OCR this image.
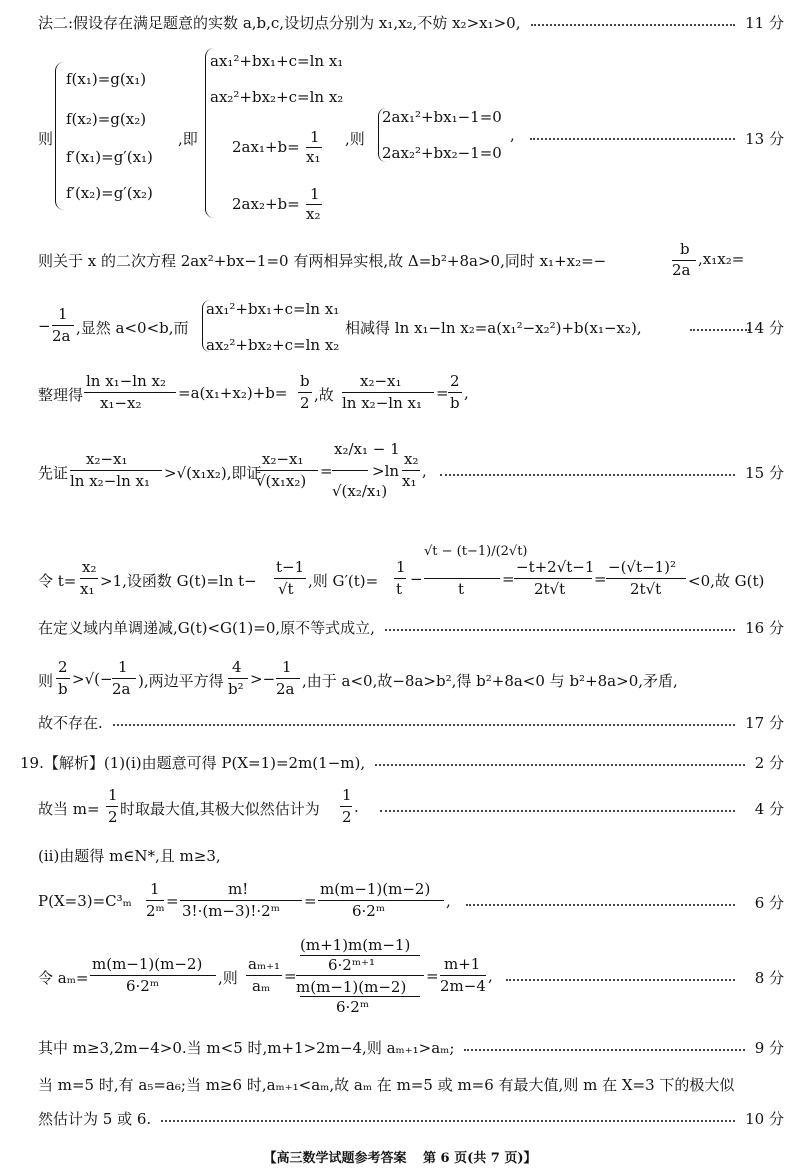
法二:假设存在满足题意的实数 a,b,c,设切点分别为 x₁,x₂,不妨 x₂>x₁>0,	11 分
则
f(x₁)=g(x₁)
f(x₂)=g(x₂)
f′(x₁)=g′(x₁)
f′(x₂)=g′(x₂)
,即
ax₁²+bx₁+c=ln x₁
ax₂²+bx₂+c=ln x₂
2ax₁+b=
1
x₁
2ax₂+b=
1
x₂
,则
2ax₁²+bx₁−1=0
2ax₂²+bx₂−1=0
,	13 分
则关于 x 的二次方程 2ax²+bx−1=0 有两相异实根,故 Δ=b²+8a>0,同时 x₁+x₂=−
b
2a
,x₁x₂=
−
1
2a ,显然 a<0<b,而
ax₁²+bx₁+c=ln x₁
ax₂²+bx₂+c=ln x₂
相减得 ln x₁−ln x₂=a(x₁²−x₂²)+b(x₁−x₂),	14 分
整理得
ln x₁−ln x₂
x₁−x₂
=a(x₁+x₂)+b=
b
2 ,故
x₂−x₁
ln x₂−ln x₁
=
2
b
,
先证
x₂−x₁
ln x₂−ln x₁ >√(x₁x₂),即证
x₂−x₁
√(x₁x₂)
=
x₂/x₁ − 1
√(x₂/x₁)
>ln
x₂
x₁
,	15 分
令 t=
x₂
x₁ >1,设函数 G(t)=ln t−
t−1
√t ,则 G′(t)=
1
t
−
√t − (t−1)/(2√t)
t
=
−t+2√t−1
2t√t
=
−(√t−1)²
2t√t <0,故 G(t)
在定义域内单调递减,G(t)<G(1)=0,原不等式成立,	16 分
则
2
b
>√(−
1
2a ),两边平方得
4
b²
>−
1
2a ,由于 a<0,故−8a>b²,得 b²+8a<0 与 b²+8a>0,矛盾,
故不存在.	17 分
19.【解析】(1)(i)由题意可得 P(X=1)=2m(1−m),	2 分
故当 m=
1
2 时取最大值,其极大似然估计为
1
2
.	4 分
(ii)由题得 m∈N*,且 m≥3,
P(X=3)=C³ₘ
1
2ᵐ
=
m!
3!·(m−3)!·2ᵐ
=
m(m−1)(m−2)
6·2ᵐ
,	6 分
令 aₘ=
m(m−1)(m−2)
6·2ᵐ	,则
aₘ₊₁
aₘ
=
(m+1)m(m−1)
6·2ᵐ⁺¹
m(m−1)(m−2)
6·2ᵐ
=
m+1
2m−4
,	8 分
其中 m≥3,2m−4>0.当 m<5 时,m+1>2m−4,则 aₘ₊₁>aₘ;	9 分
当 m=5 时,有 a₅=a₆;当 m≥6 时,aₘ₊₁<aₘ,故 aₘ 在 m=5 或 m=6 有最大值,则 m 在 X=3 下的极大似
然估计为 5 或 6.	10 分
【高三数学试题参考答案 第 6 页(共 7 页)】
